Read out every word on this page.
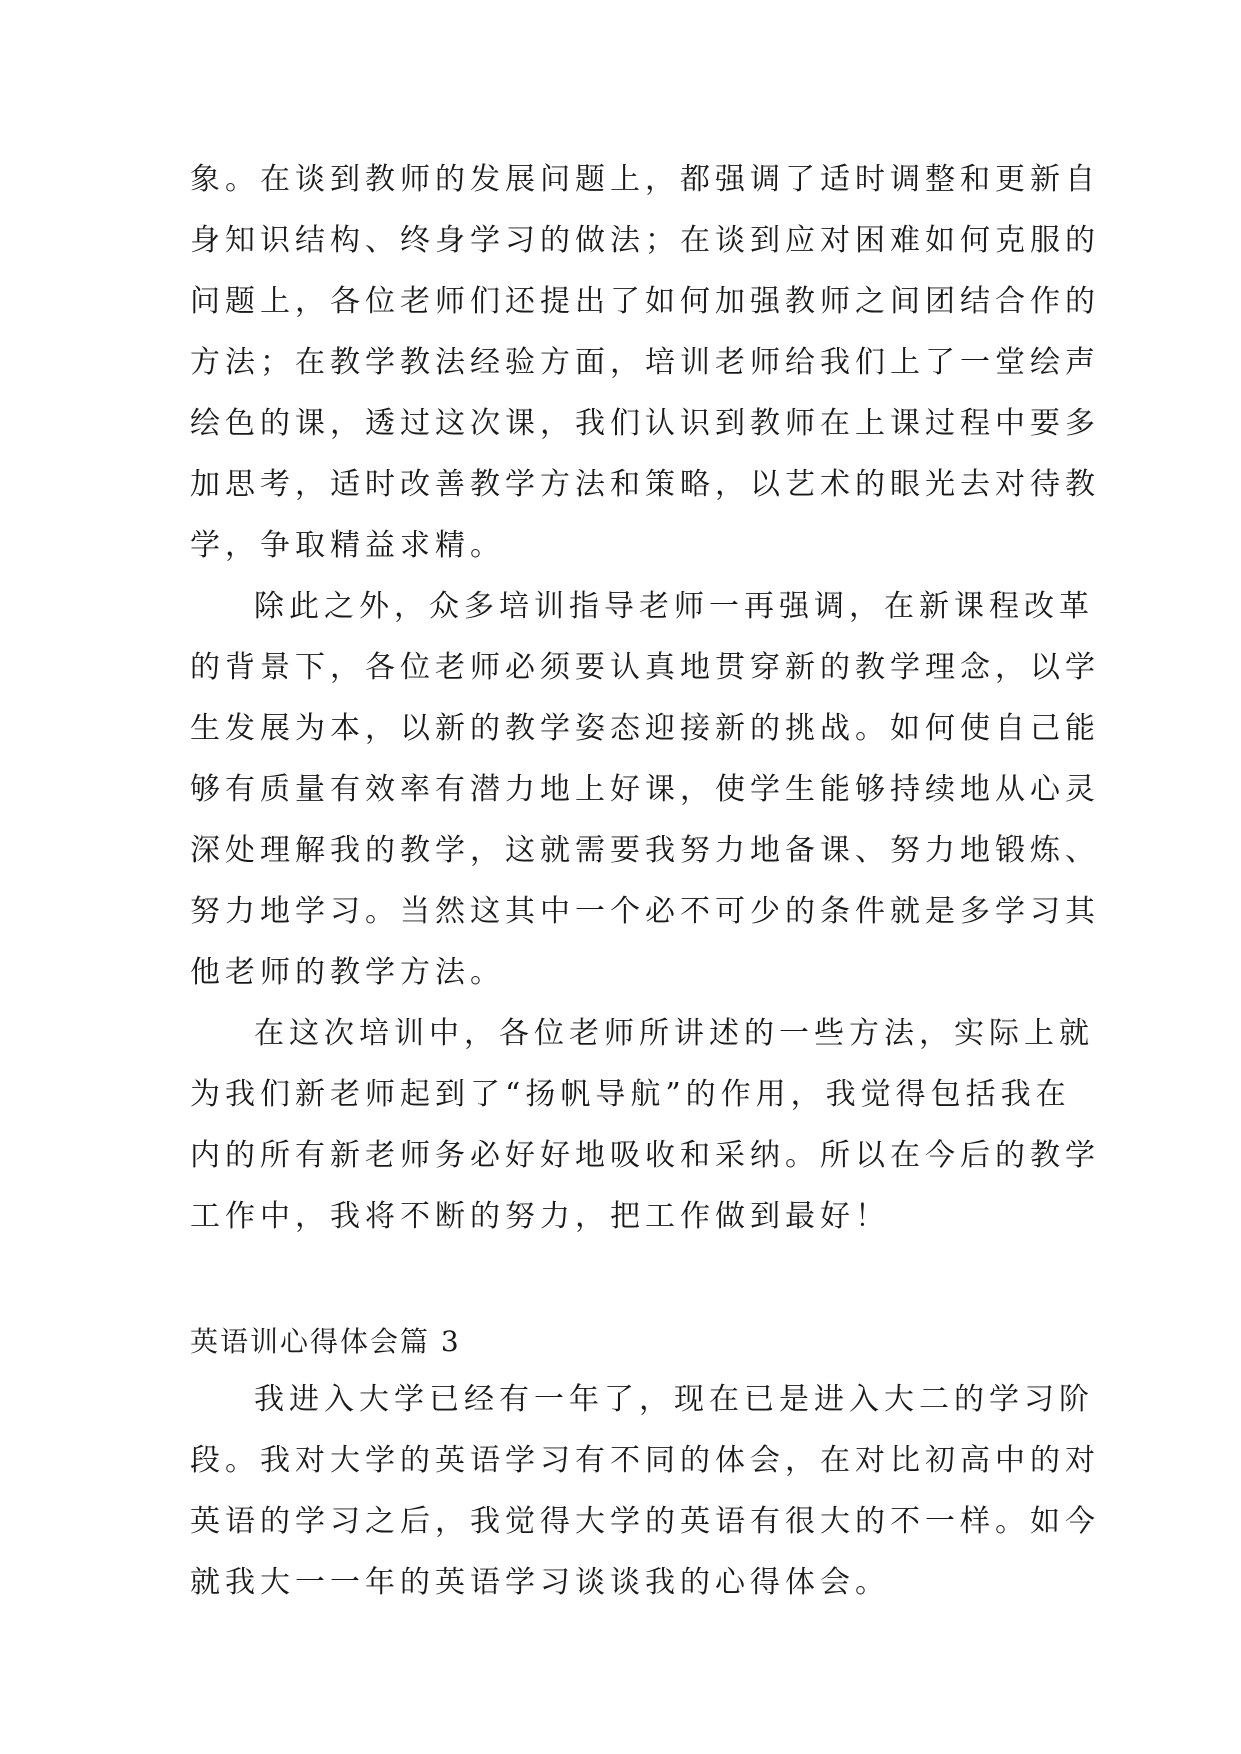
象。在谈到教师的发展问题上，都强调了适时调整和更新自
身知识结构、终身学习的做法；在谈到应对困难如何克服的
问题上，各位老师们还提出了如何加强教师之间团结合作的
方法；在教学教法经验方面，培训老师给我们上了一堂绘声
绘色的课，透过这次课，我们认识到教师在上课过程中要多
加思考，适时改善教学方法和策略，以艺术的眼光去对待教
学，争取精益求精。
除此之外，众多培训指导老师一再强调，在新课程改革
的背景下，各位老师必须要认真地贯穿新的教学理念，以学
生发展为本，以新的教学姿态迎接新的挑战。如何使自己能
够有质量有效率有潜力地上好课，使学生能够持续地从心灵
深处理解我的教学，这就需要我努力地备课、努力地锻炼、
努力地学习。当然这其中一个必不可少的条件就是多学习其
他老师的教学方法。
在这次培训中，各位老师所讲述的一些方法，实际上就
为我们新老师起到了“扬帆导航”的作用，我觉得包括我在
内的所有新老师务必好好地吸收和采纳。所以在今后的教学
工作中，我将不断的努力，把工作做到最好！
英语训心得体会篇 3
我进入大学已经有一年了，现在已是进入大二的学习阶
段。我对大学的英语学习有不同的体会，在对比初高中的对
英语的学习之后，我觉得大学的英语有很大的不一样。如今
就我大一一年的英语学习谈谈我的心得体会。
